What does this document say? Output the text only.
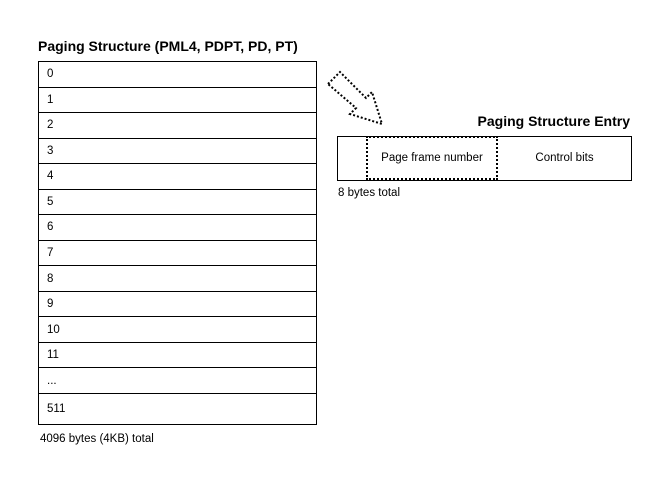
Paging Structure (PML4, PDPT, PD, PT)
0
1
2
3
4
5
6
7
8
9
10
11
...
511
4096 bytes (4KB) total
Paging Structure Entry
Page frame number	Control bits
8 bytes total
